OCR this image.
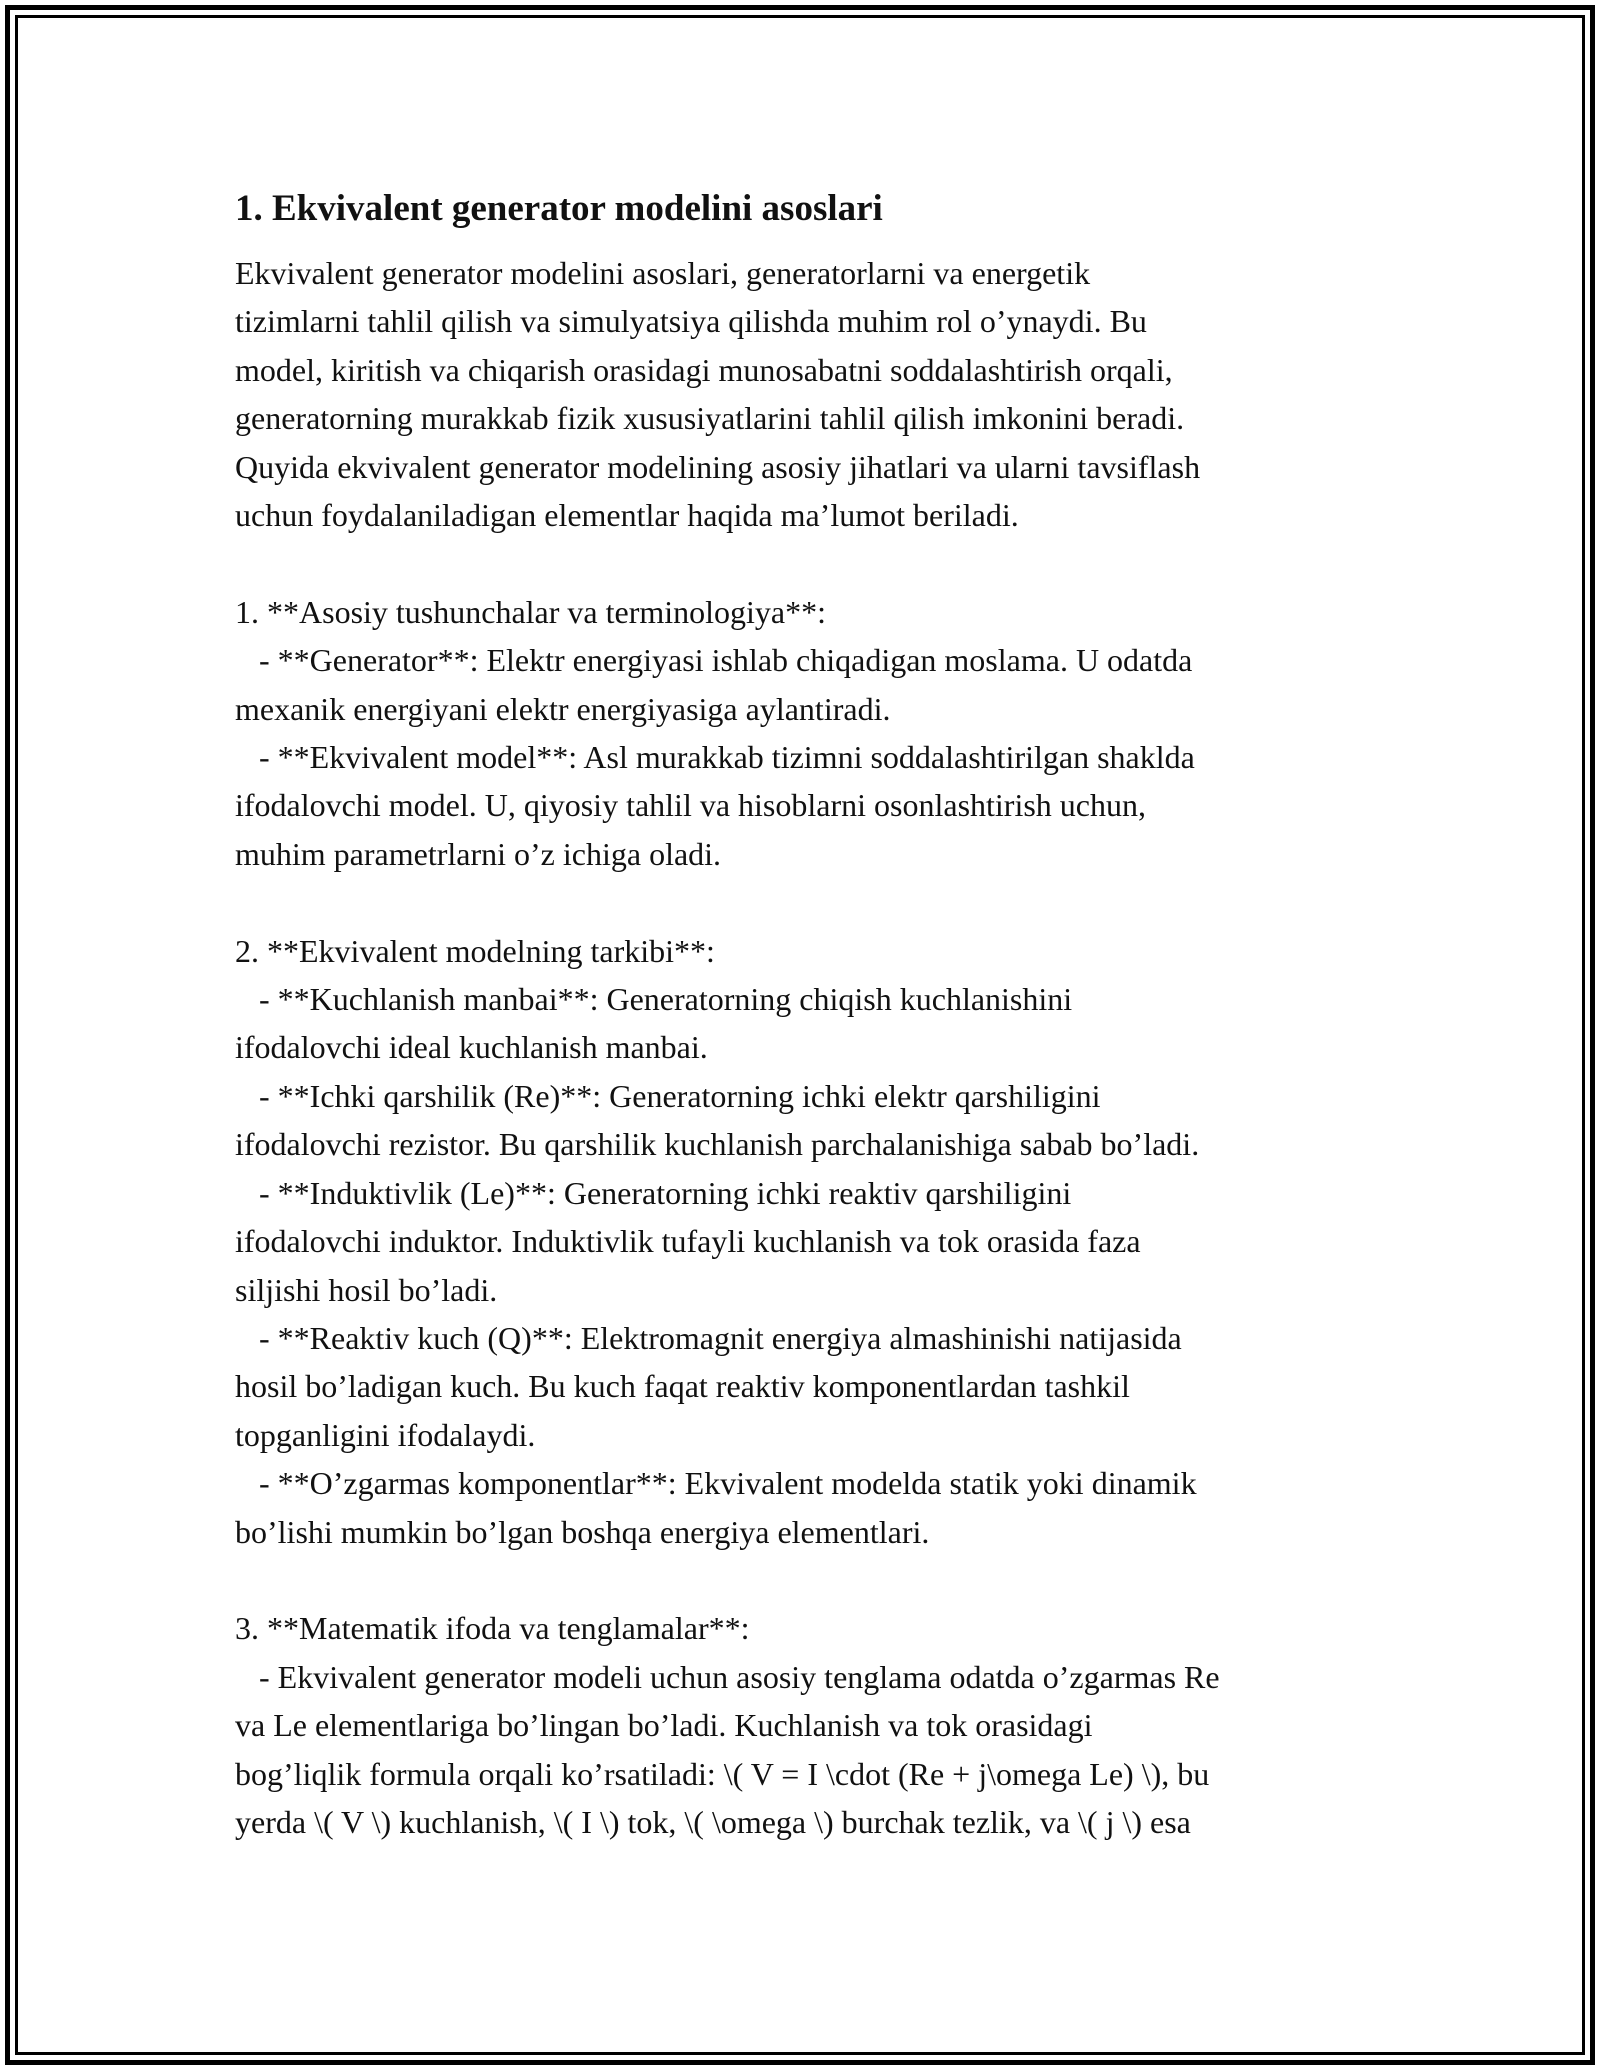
1. Ekvivalent generator modelini asoslari

Ekvivalent generator modelini asoslari, generatorlarni va energetik
tizimlarni tahlil qilish va simulyatsiya qilishda muhim rol o’ynaydi. Bu
model, kiritish va chiqarish orasidagi munosabatni soddalashtirish orqali,
generatorning murakkab fizik xususiyatlarini tahlil qilish imkonini beradi.
Quyida ekvivalent generator modelining asosiy jihatlari va ularni tavsiflash
uchun foydalaniladigan elementlar haqida ma’lumot beriladi.

1. **Asosiy tushunchalar va terminologiya**:
- **Generator**: Elektr energiyasi ishlab chiqadigan moslama. U odatda
mexanik energiyani elektr energiyasiga aylantiradi.
- **Ekvivalent model**: Asl murakkab tizimni soddalashtirilgan shaklda
ifodalovchi model. U, qiyosiy tahlil va hisoblarni osonlashtirish uchun,
muhim parametrlarni o’z ichiga oladi.

2. **Ekvivalent modelning tarkibi**:
- **Kuchlanish manbai**: Generatorning chiqish kuchlanishini
ifodalovchi ideal kuchlanish manbai.
- **Ichki qarshilik (Re)**: Generatorning ichki elektr qarshiligini
ifodalovchi rezistor. Bu qarshilik kuchlanish parchalanishiga sabab bo’ladi.
- **Induktivlik (Le)**: Generatorning ichki reaktiv qarshiligini
ifodalovchi induktor. Induktivlik tufayli kuchlanish va tok orasida faza
siljishi hosil bo’ladi.
- **Reaktiv kuch (Q)**: Elektromagnit energiya almashinishi natijasida
hosil bo’ladigan kuch. Bu kuch faqat reaktiv komponentlardan tashkil
topganligini ifodalaydi.
- **O’zgarmas komponentlar**: Ekvivalent modelda statik yoki dinamik
bo’lishi mumkin bo’lgan boshqa energiya elementlari.

3. **Matematik ifoda va tenglamalar**:
- Ekvivalent generator modeli uchun asosiy tenglama odatda o’zgarmas Re
va Le elementlariga bo’lingan bo’ladi. Kuchlanish va tok orasidagi
bog’liqlik formula orqali ko’rsatiladi: \( V = I \cdot (Re + j\omega Le) \), bu
yerda \( V \) kuchlanish, \( I \) tok, \( \omega \) burchak tezlik, va \( j \) esa
